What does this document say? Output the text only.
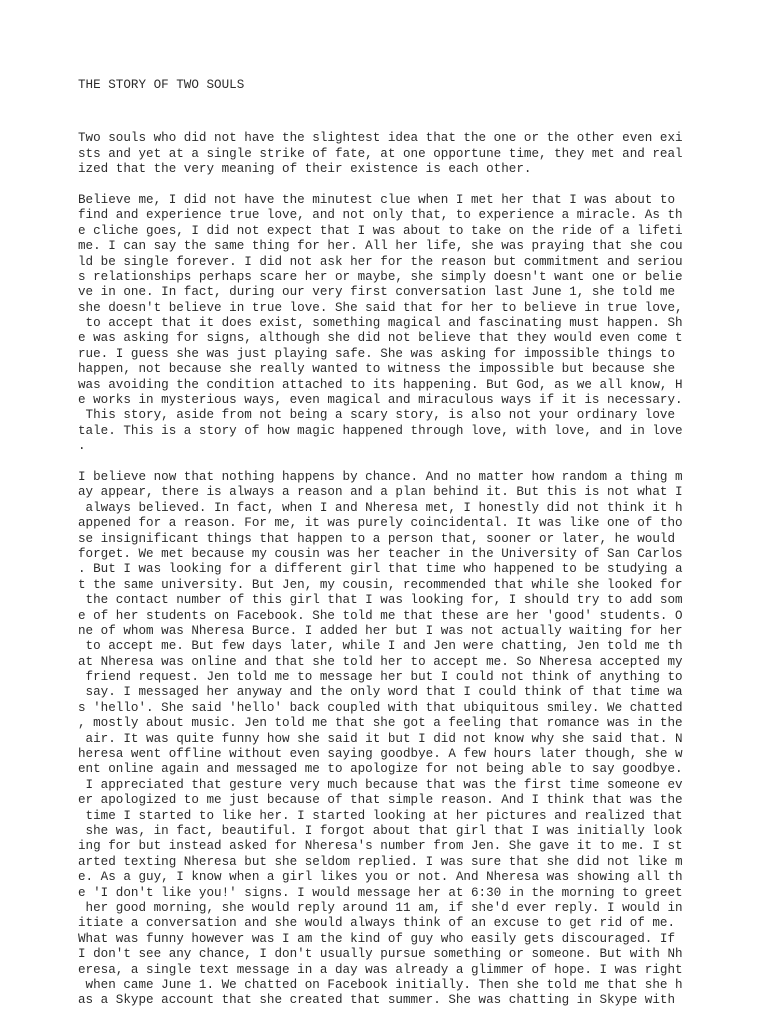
THE STORY OF TWO SOULS
Two souls who did not have the slightest idea that the one or the other even exi
sts and yet at a single strike of fate, at one opportune time, they met and real
ized that the very meaning of their existence is each other.
Believe me, I did not have the minutest clue when I met her that I was about to
find and experience true love, and not only that, to experience a miracle. As th
e cliche goes, I did not expect that I was about to take on the ride of a lifeti
me. I can say the same thing for her. All her life, she was praying that she cou
ld be single forever. I did not ask her for the reason but commitment and seriou
s relationships perhaps scare her or maybe, she simply doesn't want one or belie
ve in one. In fact, during our very first conversation last June 1, she told me
she doesn't believe in true love. She said that for her to believe in true love,
to accept that it does exist, something magical and fascinating must happen. Sh
e was asking for signs, although she did not believe that they would even come t
rue. I guess she was just playing safe. She was asking for impossible things to
happen, not because she really wanted to witness the impossible but because she
was avoiding the condition attached to its happening. But God, as we all know, H
e works in mysterious ways, even magical and miraculous ways if it is necessary.
This story, aside from not being a scary story, is also not your ordinary love
tale. This is a story of how magic happened through love, with love, and in love
.
I believe now that nothing happens by chance. And no matter how random a thing m
ay appear, there is always a reason and a plan behind it. But this is not what I
always believed. In fact, when I and Nheresa met, I honestly did not think it h
appened for a reason. For me, it was purely coincidental. It was like one of tho
se insignificant things that happen to a person that, sooner or later, he would
forget. We met because my cousin was her teacher in the University of San Carlos
. But I was looking for a different girl that time who happened to be studying a
t the same university. But Jen, my cousin, recommended that while she looked for
the contact number of this girl that I was looking for, I should try to add som
e of her students on Facebook. She told me that these are her 'good' students. O
ne of whom was Nheresa Burce. I added her but I was not actually waiting for her
to accept me. But few days later, while I and Jen were chatting, Jen told me th
at Nheresa was online and that she told her to accept me. So Nheresa accepted my
friend request. Jen told me to message her but I could not think of anything to
say. I messaged her anyway and the only word that I could think of that time wa
s 'hello'. She said 'hello' back coupled with that ubiquitous smiley. We chatted
, mostly about music. Jen told me that she got a feeling that romance was in the
air. It was quite funny how she said it but I did not know why she said that. N
heresa went offline without even saying goodbye. A few hours later though, she w
ent online again and messaged me to apologize for not being able to say goodbye.
I appreciated that gesture very much because that was the first time someone ev
er apologized to me just because of that simple reason. And I think that was the
time I started to like her. I started looking at her pictures and realized that
she was, in fact, beautiful. I forgot about that girl that I was initially look
ing for but instead asked for Nheresa's number from Jen. She gave it to me. I st
arted texting Nheresa but she seldom replied. I was sure that she did not like m
e. As a guy, I know when a girl likes you or not. And Nheresa was showing all th
e 'I don't like you!' signs. I would message her at 6:30 in the morning to greet
her good morning, she would reply around 11 am, if she'd ever reply. I would in
itiate a conversation and she would always think of an excuse to get rid of me.
What was funny however was I am the kind of guy who easily gets discouraged. If
I don't see any chance, I don't usually pursue something or someone. But with Nh
eresa, a single text message in a day was already a glimmer of hope. I was right
when came June 1. We chatted on Facebook initially. Then she told me that she h
as a Skype account that she created that summer. She was chatting in Skype with
